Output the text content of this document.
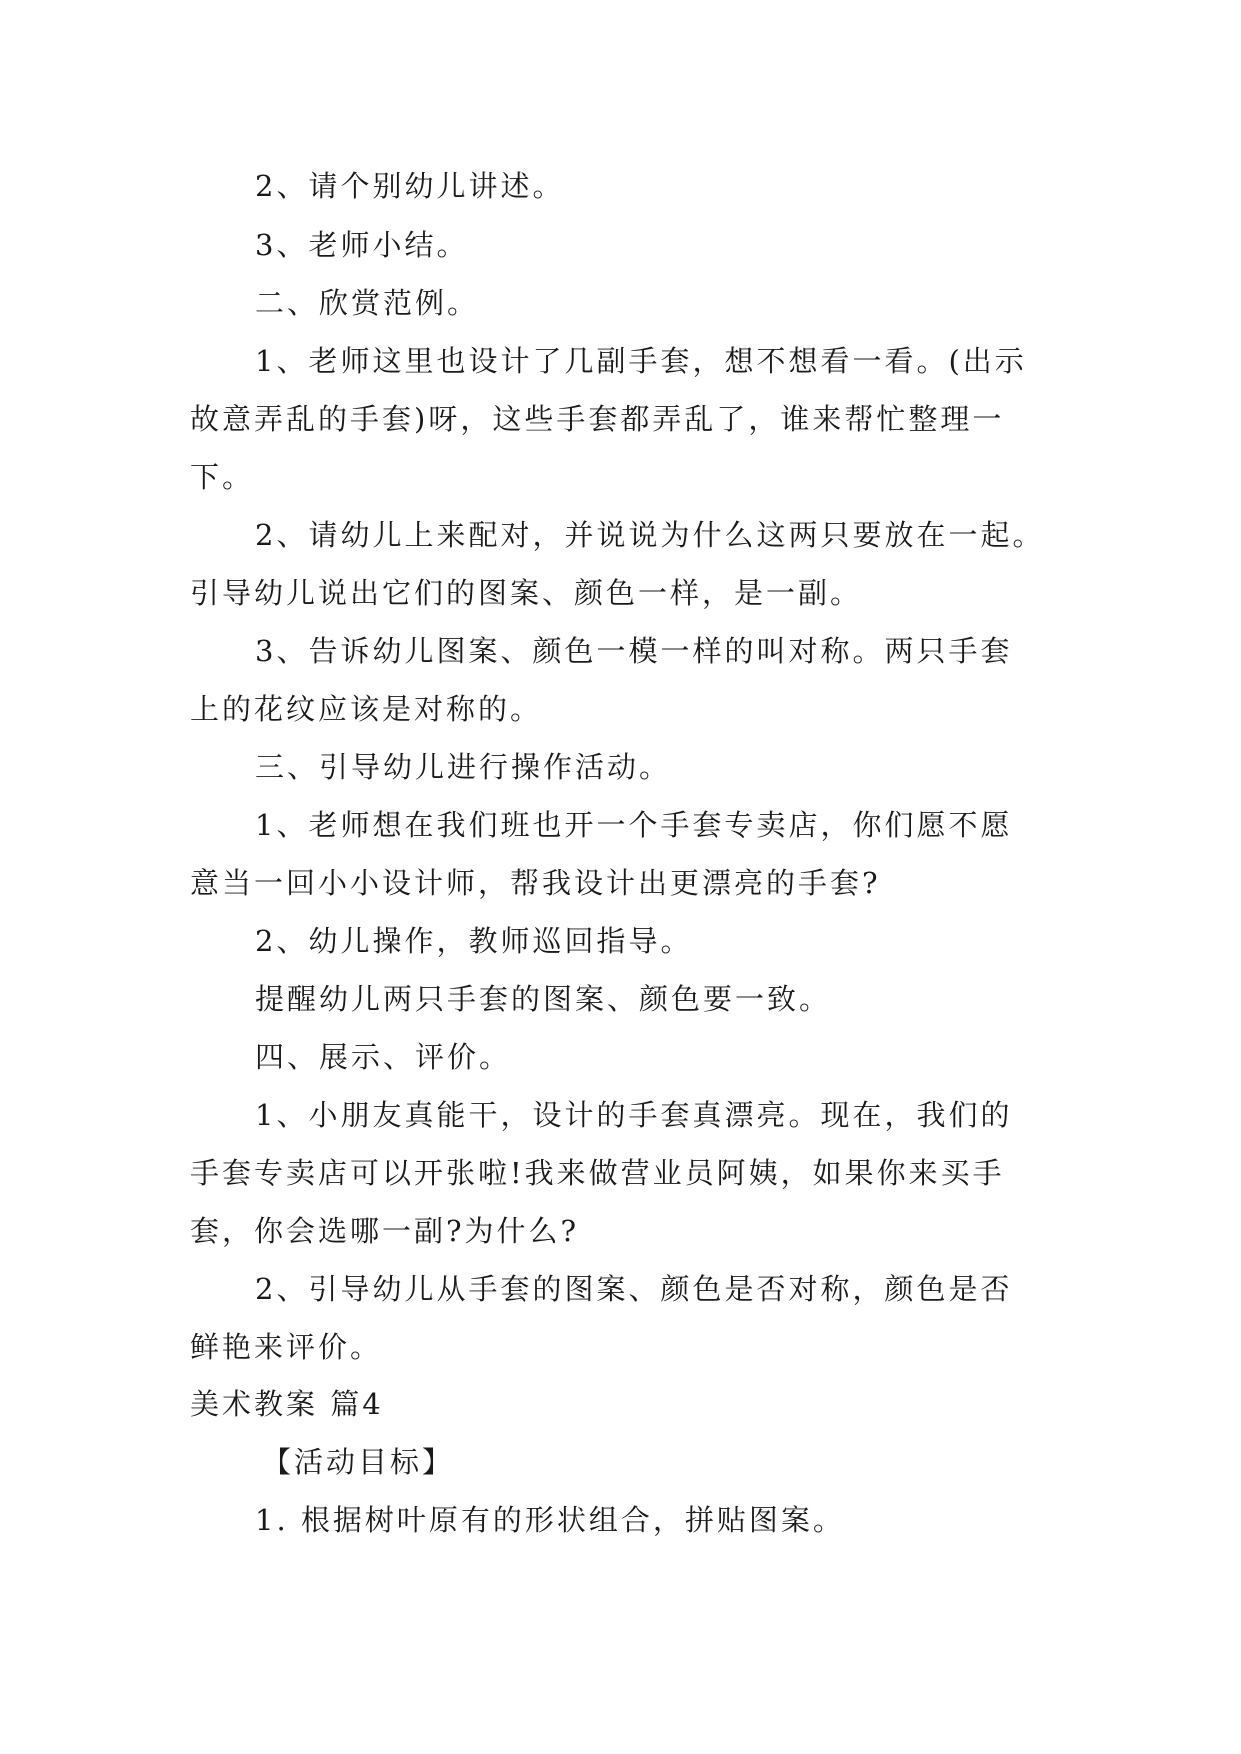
2、请个别幼儿讲述。
3、老师小结。
二、欣赏范例。
1、老师这里也设计了几副手套，想不想看一看。(出示
故意弄乱的手套)呀，这些手套都弄乱了，谁来帮忙整理一
下。
2、请幼儿上来配对，并说说为什么这两只要放在一起。
引导幼儿说出它们的图案、颜色一样，是一副。
3、告诉幼儿图案、颜色一模一样的叫对称。两只手套
上的花纹应该是对称的。
三、引导幼儿进行操作活动。
1、老师想在我们班也开一个手套专卖店，你们愿不愿
意当一回小小设计师，帮我设计出更漂亮的手套?
2、幼儿操作，教师巡回指导。
提醒幼儿两只手套的图案、颜色要一致。
四、展示、评价。
1、小朋友真能干，设计的手套真漂亮。现在，我们的
手套专卖店可以开张啦!我来做营业员阿姨，如果你来买手
套，你会选哪一副?为什么?
2、引导幼儿从手套的图案、颜色是否对称，颜色是否
鲜艳来评价。
美术教案 篇4
【活动目标】
1. 根据树叶原有的形状组合，拼贴图案。
